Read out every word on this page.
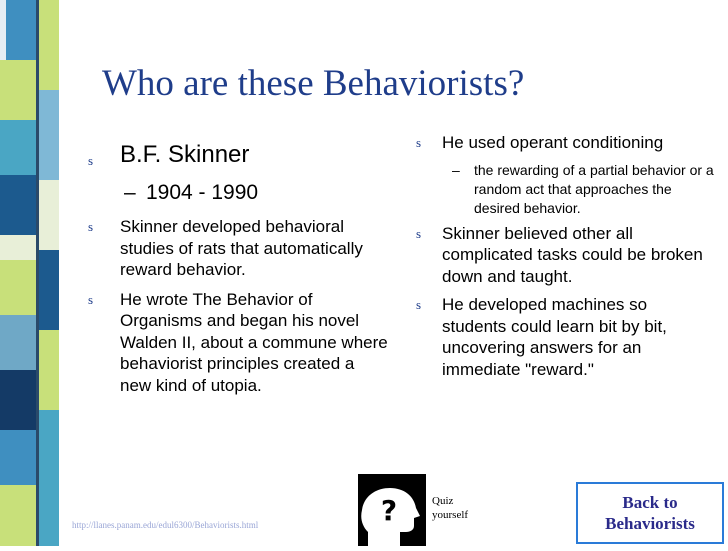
Who are these Behaviorists?
s B.F. Skinner
– 1904 - 1990
s Skinner developed behavioral studies of rats that automatically reward behavior.
s He wrote The Behavior of Organisms and began his novel Walden II, about a commune where behaviorist principles created a new kind of utopia.
s He used operant conditioning
– the rewarding of a partial behavior or a random act that approaches the desired behavior.
s Skinner believed other all complicated tasks could be broken down and taught.
s He developed machines so students could learn bit by bit, uncovering answers for an immediate "reward."
http://llanes.panam.edu/edul6300/Behaviorists.html	?	Quiz yourself
Back to
Behaviorists
